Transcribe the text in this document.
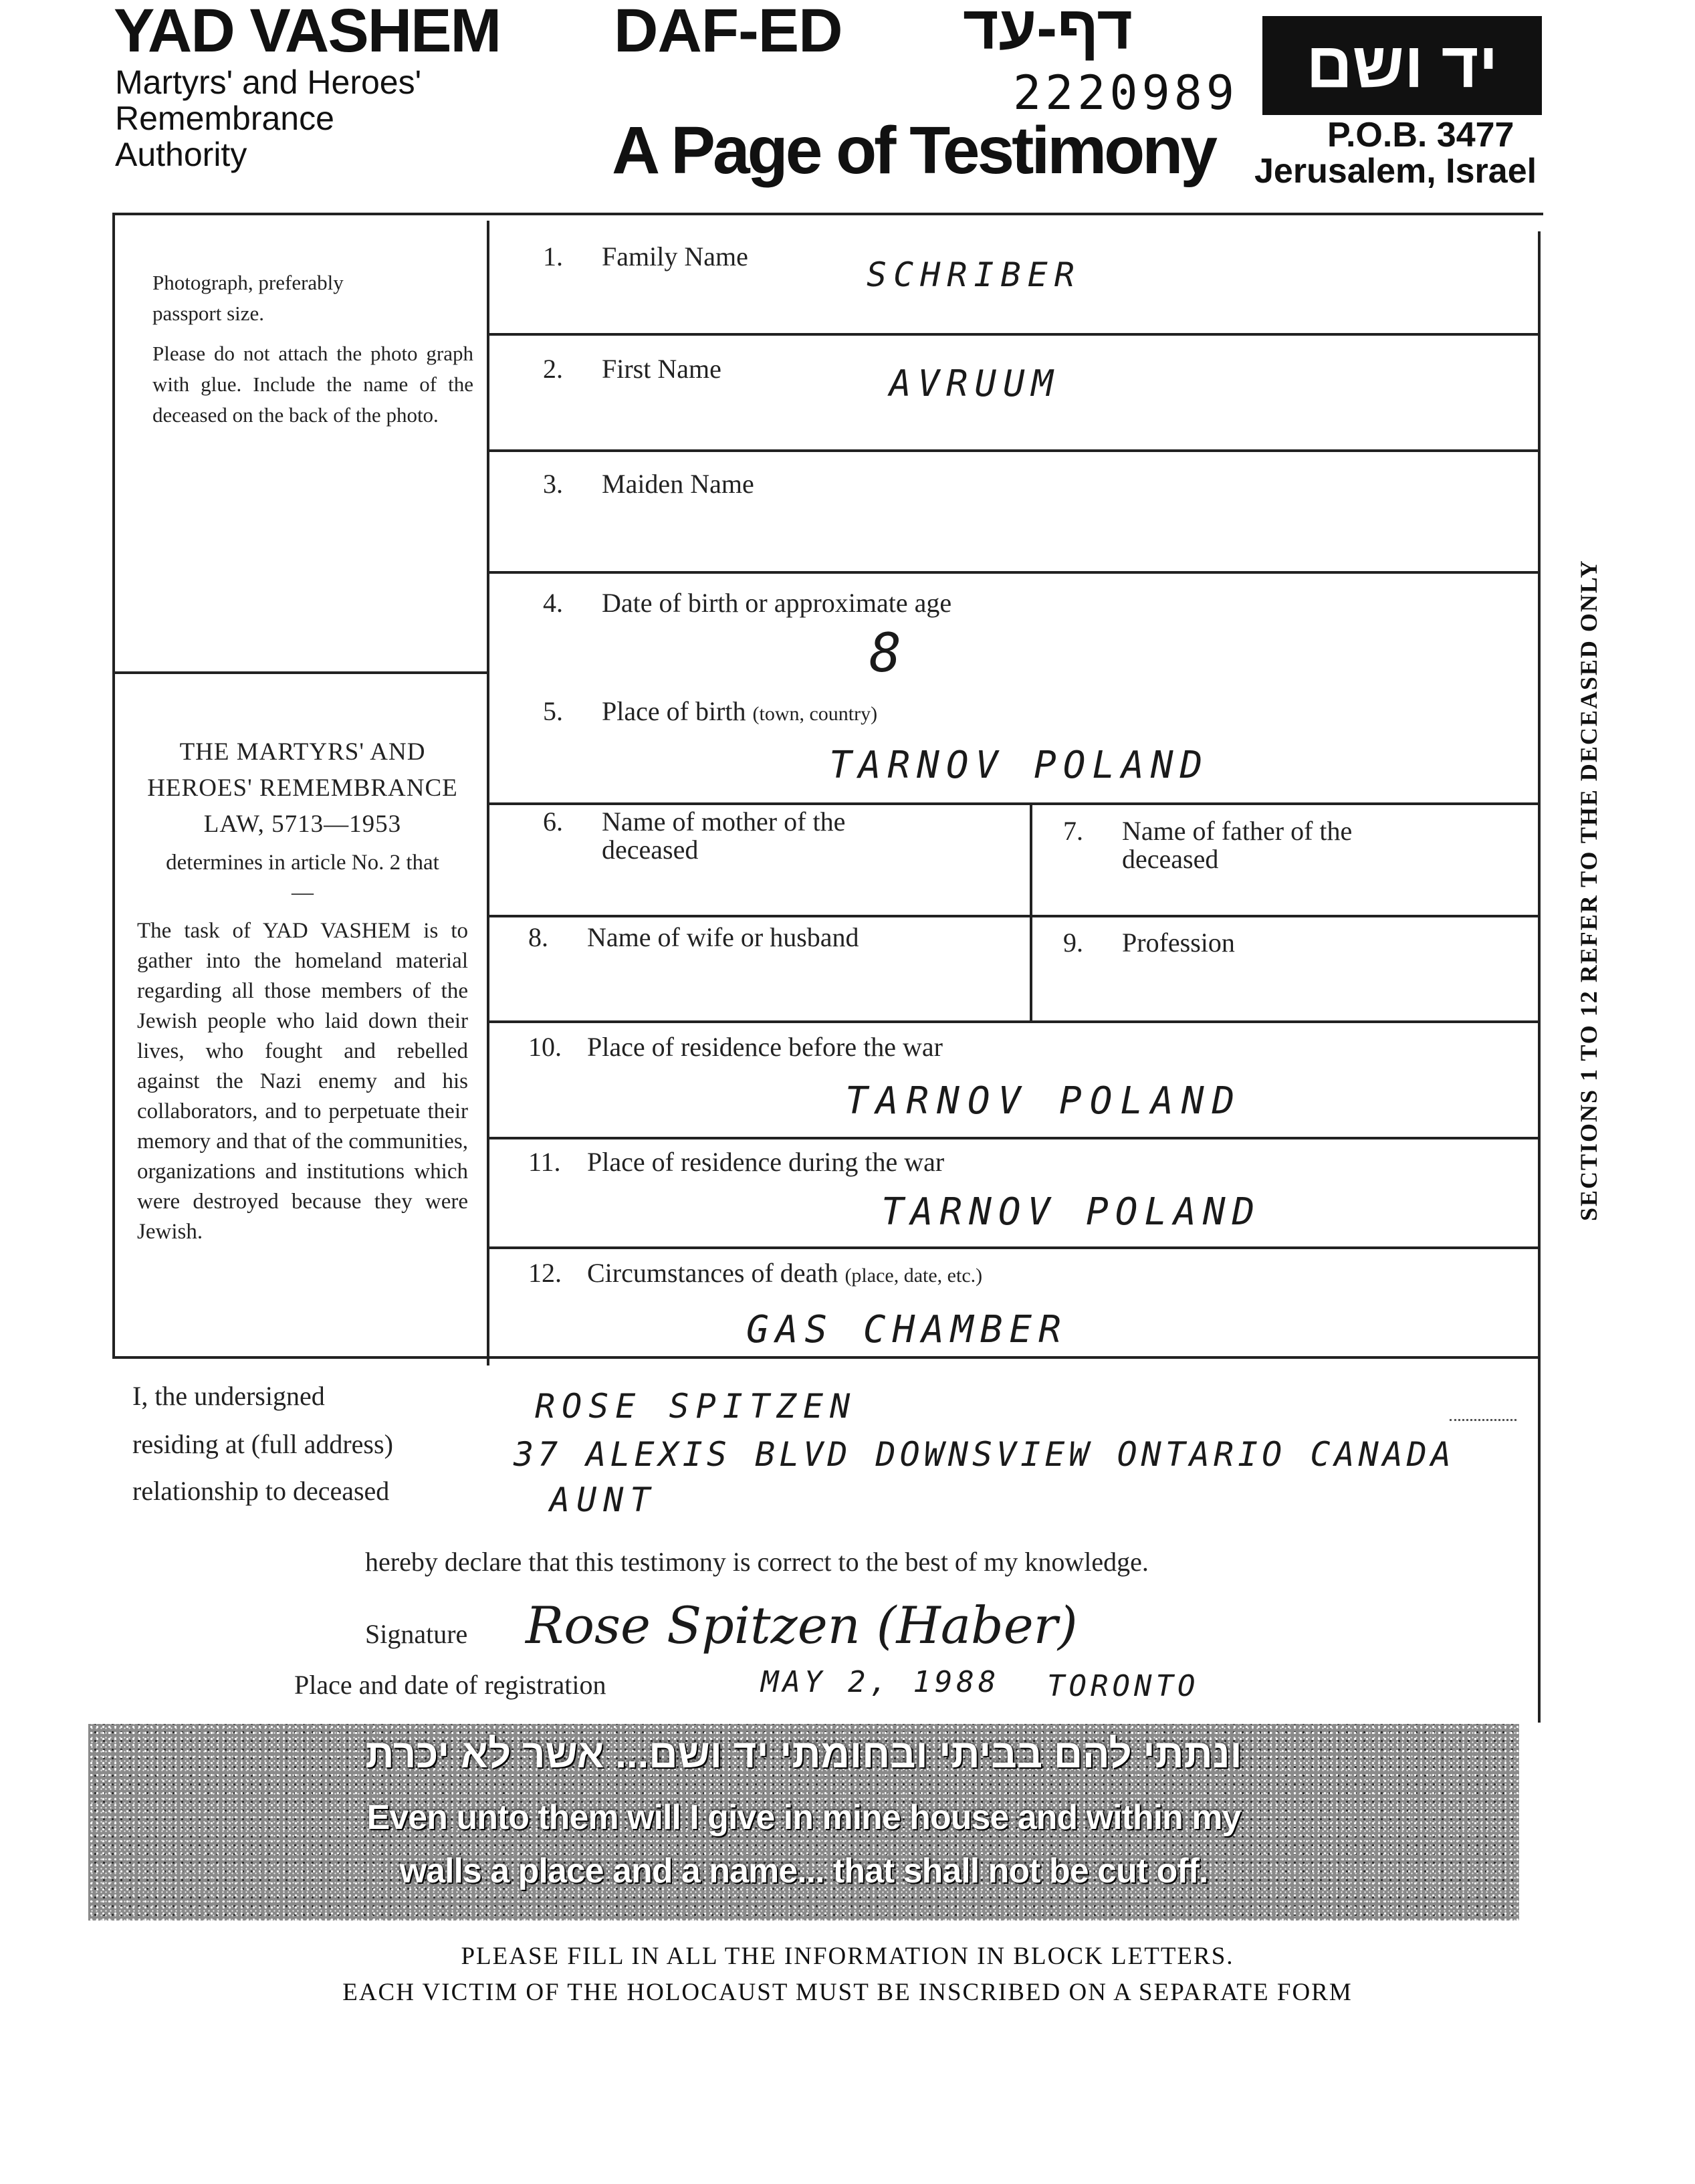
YAD VASHEM
Martyrs' and Heroes'
Remembrance
Authority
DAF-ED דף-עד
2220989
A Page of Testimony
יד ושם
P.O.B. 3477
Jerusalem, Israel

Photograph, preferably

passport size.

Please do not attach the photo graph with glue. Include the name of the deceased on the back of the photo.

THE MARTYRS' AND

HEROES' REMEMBRANCE

LAW, 5713—1953

determines in article No. 2 that —

The task of YAD VASHEM is to gather into the homeland material regarding all those members of the Jewish people who laid down their lives, who fought and rebelled against the Nazi enemy and his collaborators, and to perpetuate their memory and that of the communities, organizations and institutions which were destroyed because they were Jewish.

1. Family Name	SCHRIBER
2. First Name	AVRUUM
3. Maiden Name
4. Date of birth or approximate age
8
5. Place of birth (town, country)
TARNOV POLAND
6. Name of mother of the
deceased
7. Name of father of the
deceased
8. Name of wife or husband	9. Profession
10. Place of residence before the war
TARNOV POLAND
11. Place of residence during the war
TARNOV POLAND
12. Circumstances of death (place, date, etc.)
GAS CHAMBER
SECTIONS 1 TO 12 REFER TO THE DECEASED ONLY
I, the undersigned	ROSE SPITZEN
residing at (full address)	37 ALEXIS BLVD DOWNSVIEW ONTARIO CANADA
relationship to deceased	AUNT
hereby declare that this testimony is correct to the best of my knowledge.
Signature Rose Spitzen (Haber)
Place and date of registration	MAY 2, 1988 TORONTO
ונתתי להם בביתי ובחומתי יד ושם... אשר לא יכרת
Even unto them will I give in mine house and within my
walls a place and a name... that shall not be cut off.
PLEASE FILL IN ALL THE INFORMATION IN BLOCK LETTERS.
EACH VICTIM OF THE HOLOCAUST MUST BE INSCRIBED ON A SEPARATE FORM
